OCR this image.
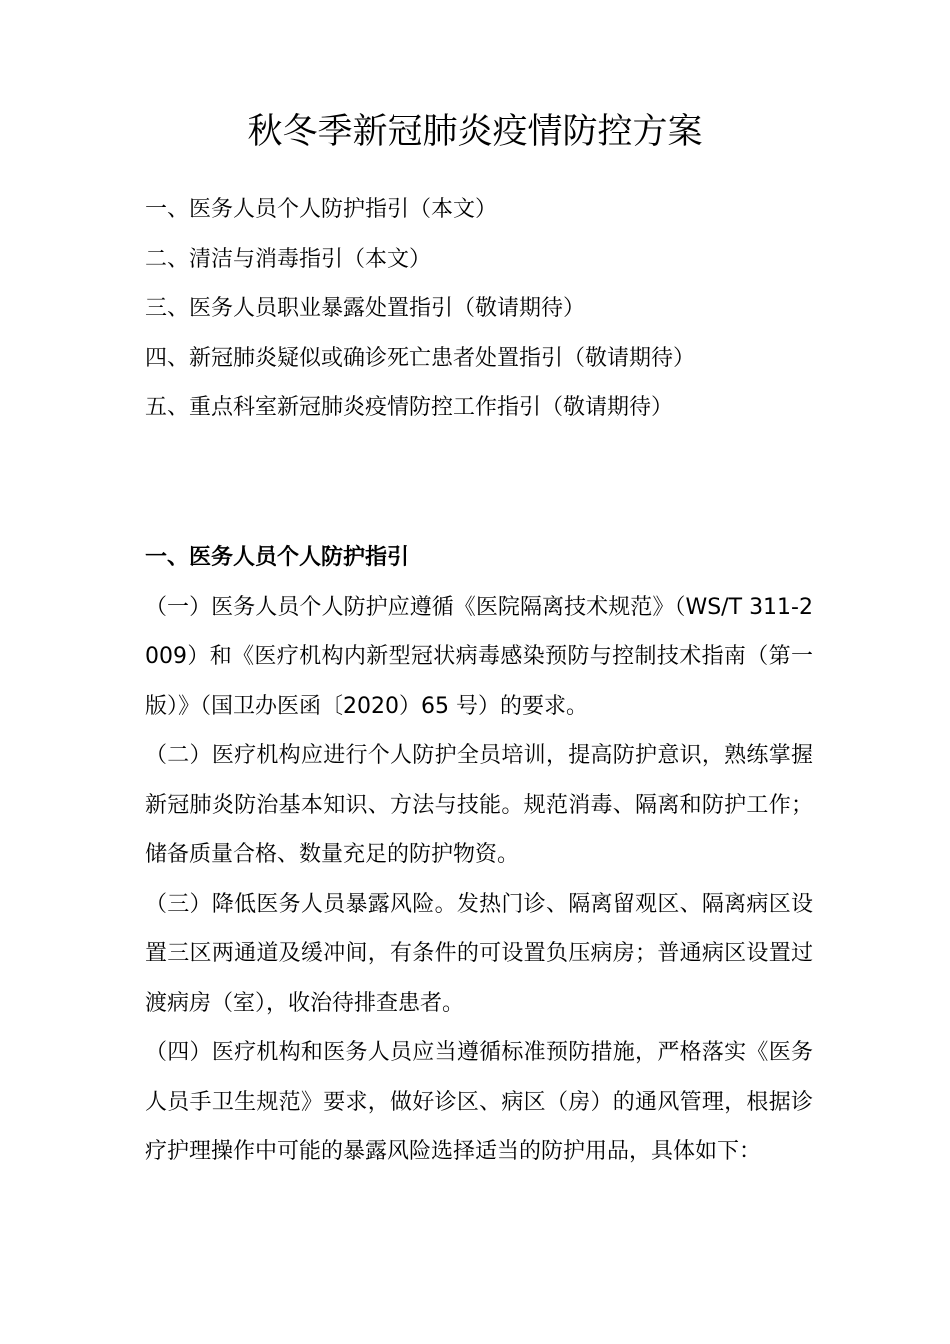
秋冬季新冠肺炎疫情防控方案
一、医务人员个人防护指引（本文）
二、清洁与消毒指引（本文）
三、医务人员职业暴露处置指引（敬请期待）
四、新冠肺炎疑似或确诊死亡患者处置指引（敬请期待）
五、重点科室新冠肺炎疫情防控工作指引（敬请期待）
一、医务人员个人防护指引

（一）医务人员个人防护应遵循《医院隔离技术规范》（WS/T 311-2009）和《医疗机构内新型冠状病毒感染预防与控制技术指南（第一版）》（国卫办医函〔2020）65 号）的要求。

（二）医疗机构应进行个人防护全员培训，提高防护意识，熟练掌握新冠肺炎防治基本知识、方法与技能。规范消毒、隔离和防护工作；储备质量合格、数量充足的防护物资。

（三）降低医务人员暴露风险。发热门诊、隔离留观区、隔离病区设置三区两通道及缓冲间，有条件的可设置负压病房；普通病区设置过渡病房（室），收治待排查患者。

（四）医疗机构和医务人员应当遵循标准预防措施，严格落实《医务人员手卫生规范》要求，做好诊区、病区（房）的通风管理，根据诊疗护理操作中可能的暴露风险选择适当的防护用品，具体如下：
